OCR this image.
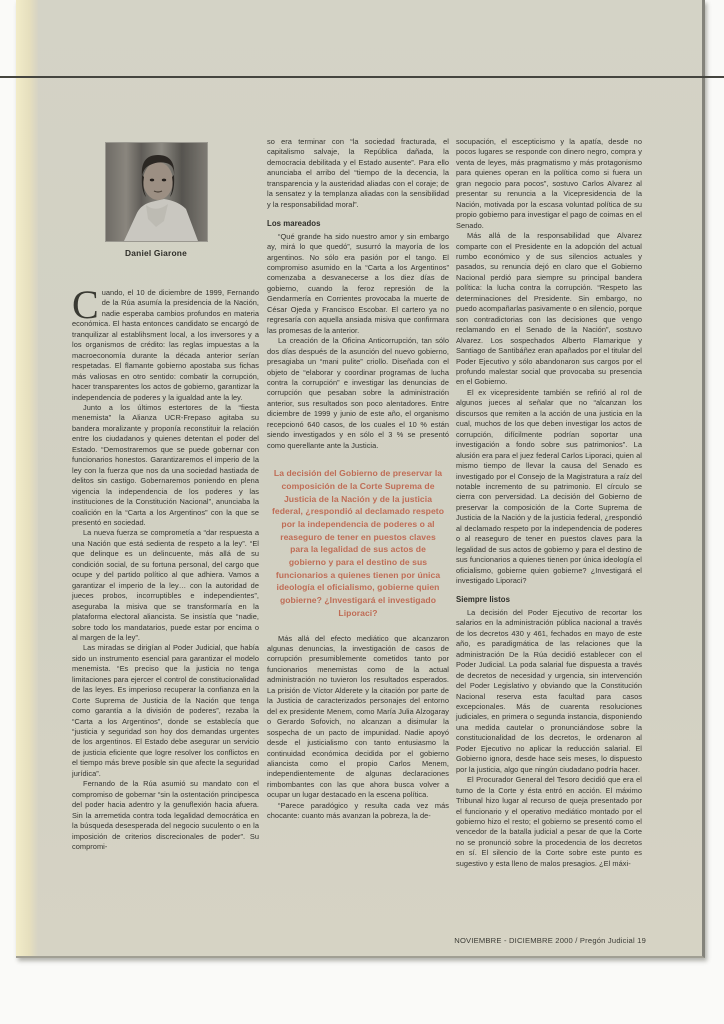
Daniel Giarone

Cuando, el 10 de diciembre de 1999, Fernando de la Rúa asumía la presidencia de la Nación, nadie esperaba cambios profundos en materia económica. El hasta entonces candidato se encargó de tranquilizar al establihsment local, a los inversores y a los organismos de crédito: las reglas impuestas a la macroeconomía durante la década anterior serían respetadas. El flamante gobierno apostaba sus fichas más valiosas en otro sentido: combatir la corrupción, hacer transparentes los actos de gobierno, garantizar la independencia de poderes y la igualdad ante la ley.

Junto a los últimos estertores de la “fiesta menemista” la Alianza UCR-Frepaso agitaba su bandera moralizante y proponía reconstituir la relación entre los ciudadanos y quienes detentan el poder del Estado. “Demostraremos que se puede gobernar con funcionarios honestos. Garantizaremos el imperio de la ley con la fuerza que nos da una sociedad hastiada de delitos sin castigo. Gobernaremos poniendo en plena vigencia la independencia de los poderes y las instituciones de la Constitución Nacional”, anunciaba la coalición en la “Carta a los Argentinos” con la que se presentó en sociedad.

La nueva fuerza se comprometía a “dar respuesta a una Nación que está sedienta de respeto a la ley”. “El que delinque es un delincuente, más allá de su condición social, de su fortuna personal, del cargo que ocupe y del partido político al que adhiera. Vamos a garantizar el imperio de la ley… con la autoridad de jueces probos, incorruptibles e independientes”, aseguraba la misiva que se transformaría en la plataforma electoral aliancista. Se insistía que “nadie, sobre todo los mandatarios, puede estar por encima o al margen de la ley”.

Las miradas se dirigían al Poder Judicial, que había sido un instrumento esencial para garantizar el modelo menemista. “Es preciso que la justicia no tenga limitaciones para ejercer el control de constitucionalidad de las leyes. Es imperioso recuperar la confianza en la Corte Suprema de Justicia de la Nación que tenga como garantía a la división de poderes”, rezaba la “Carta a los Argentinos”, donde se establecía que “justicia y seguridad son hoy dos demandas urgentes de los argentinos. El Estado debe asegurar un servicio de justicia eficiente que logre resolver los conflictos en el tiempo más breve posible sin que afecte la seguridad jurídica”.

Fernando de la Rúa asumió su mandato con el compromiso de gobernar “sin la ostentación principesca del poder hacia adentro y la genuflexión hacia afuera. Sin la arremetida contra toda legalidad democrática en la búsqueda desesperada del negocio suculento o en la imposición de criterios discrecionales de poder”. Su compromi-

so era terminar con “la sociedad fracturada, el capitalismo salvaje, la República dañada, la democracia debilitada y el Estado ausente”. Para ello anunciaba el arribo del “tiempo de la decencia, la transparencia y la austeridad aliadas con el coraje; de la sensatez y la templanza aliadas con la sensibilidad y la responsabilidad moral”.

Los mareados

“Qué grande ha sido nuestro amor y sin embargo ay, mirá lo que quedó”, susurró la mayoría de los argentinos. No sólo era pasión por el tango. El compromiso asumido en la “Carta a los Argentinos” comenzaba a desvanecerse a los diez días de gobierno, cuando la feroz represión de la Gendarmería en Corrientes provocaba la muerte de César Ojeda y Francisco Escobar. El cartero ya no regresaría con aquella ansiada misiva que confirmara las promesas de la anterior.

La creación de la Oficina Anticorrupción, tan sólo dos días después de la asunción del nuevo gobierno, presagiaba un “mani pulite” criollo. Diseñada con el objeto de “elaborar y coordinar programas de lucha contra la corrupción” e investigar las denuncias de corrupción que pesaban sobre la administración anterior, sus resultados son poco alentadores. Entre diciembre de 1999 y junio de este año, el organismo recepcionó 640 casos, de los cuales el 10 % están siendo investigados y en sólo el 3 % se presentó como querellante ante la Justicia.

La decisión del Gobierno de preservar la composición de la Corte Suprema de Justicia de la Nación y de la justicia federal, ¿respondió al declamado respeto por la independencia de poderes o al reaseguro de tener en puestos claves para la legalidad de sus actos de gobierno y para el destino de sus funcionarios a quienes tienen por única ideología el oficialismo, gobierne quien gobierne? ¿Investigará el investigado Liporaci?

Más allá del efecto mediático que alcanzaron algunas denuncias, la investigación de casos de corrupción presumiblemente cometidos tanto por funcionarios menemistas como de la actual administración no tuvieron los resultados esperados. La prisión de Víctor Alderete y la citación por parte de la Justicia de caracterizados personajes del entorno del ex presidente Menem, como María Julia Alzogaray o Gerardo Sofovich, no alcanzan a disimular la sospecha de un pacto de impunidad. Nadie apoyó desde el justicialismo con tanto entusiasmo la continuidad económica decidida por el gobierno aliancista como el propio Carlos Menem, independientemente de algunas declaraciones rimbombantes con las que ahora busca volver a ocupar un lugar destacado en la escena política.

“Parece paradógico y resulta cada vez más chocante: cuanto más avanzan la pobreza, la de-

socupación, el escepticismo y la apatía, desde no pocos lugares se responde con dinero negro, compra y venta de leyes, más pragmatismo y más protagonismo para quienes operan en la política como si fuera un gran negocio para pocos”, sostuvo Carlos Alvarez al presentar su renuncia a la Vicepresidencia de la Nación, motivada por la escasa voluntad política de su propio gobierno para investigar el pago de coimas en el Senado.

Más allá de la responsabilidad que Alvarez comparte con el Presidente en la adopción del actual rumbo económico y de sus silencios actuales y pasados, su renuncia dejó en claro que el Gobierno Nacional perdió para siempre su principal bandera política: la lucha contra la corrupción. “Respeto las determinaciones del Presidente. Sin embargo, no puedo acompañarlas pasivamente o en silencio, porque son contradictorias con las decisiones que vengo reclamando en el Senado de la Nación”, sostuvo Alvarez. Los sospechados Alberto Flamarique y Santiago de Santibáñez eran apañados por el titular del Poder Ejecutivo y sólo abandonaron sus cargos por el profundo malestar social que provocaba su presencia en el Gobierno.

El ex vicepresidente también se refirió al rol de algunos jueces al señalar que no “alcanzan los discursos que remiten a la acción de una justicia en la cual, muchos de los que deben investigar los actos de corrupción, difícilmente podrían soportar una investigación a fondo sobre sus patrimonios”. La alusión era para el juez federal Carlos Liporaci, quien al mismo tiempo de llevar la causa del Senado es investigado por el Consejo de la Magistratura a raíz del notable incremento de su patrimonio. El círculo se cierra con perversidad. La decisión del Gobierno de preservar la composición de la Corte Suprema de Justicia de la Nación y de la justicia federal, ¿respondió al declamado respeto por la independencia de poderes o al reaseguro de tener en puestos claves para la legalidad de sus actos de gobierno y para el destino de sus funcionarios a quienes tienen por única ideología el oficialismo, gobierne quien gobierne? ¿Investigará el investigado Liporaci?

Siempre listos

La decisión del Poder Ejecutivo de recortar los salarios en la administración pública nacional a través de los decretos 430 y 461, fechados en mayo de este año, es paradigmática de las relaciones que la administración De la Rúa decidió establecer con el Poder Judicial. La poda salarial fue dispuesta a través de decretos de necesidad y urgencia, sin intervención del Poder Legislativo y obviando que la Constitución Nacional reserva esta facultad para casos excepcionales. Más de cuarenta resoluciones judiciales, en primera o segunda instancia, disponiendo una medida cautelar o pronunciándose sobre la constitucionalidad de los decretos, le ordenaron al Poder Ejecutivo no aplicar la reducción salarial. El Gobierno ignora, desde hace seis meses, lo dispuesto por la justicia, algo que ningún ciudadano podría hacer.

El Procurador General del Tesoro decidió que era el turno de la Corte y ésta entró en acción. El máximo Tribunal hizo lugar al recurso de queja presentado por el funcionario y el operativo mediático montado por el gobierno hizo el resto; el gobierno se presentó como el vencedor de la batalla judicial a pesar de que la Corte no se pronunció sobre la procedencia de los decretos en sí. El silencio de la Corte sobre este punto es sugestivo y esta lleno de malos presagios. ¿El máxi-

NOVIEMBRE - DICIEMBRE 2000 / Pregón Judicial 19
